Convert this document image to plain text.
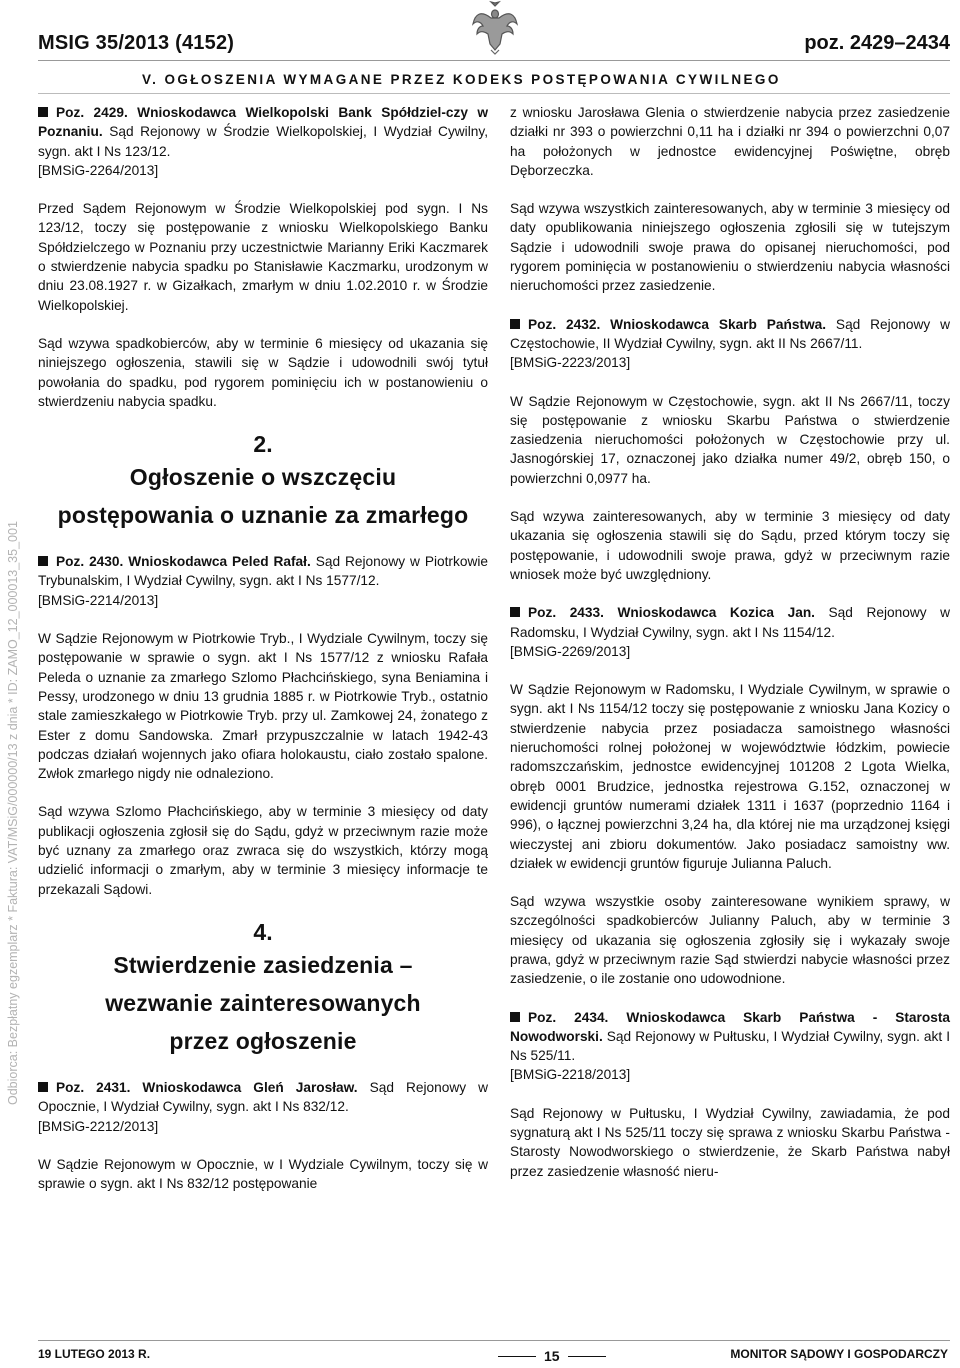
MSIG 35/2013 (4152)	poz. 2429–2434
V. OGŁOSZENIA WYMAGANE PRZEZ KODEKS POSTĘPOWANIA CYWILNEGO
Odbiorca: Bezpłatny egzemplarz * Faktura: VAT/MSiG/000000/13 z dnia * ID: ZAMO_12_000013_35_001

Poz. 2429. Wnioskodawca Wielkopolski Bank Spółdziel-czy w Poznaniu. Sąd Rejonowy w Środzie Wielkopolskiej, I Wydział Cywilny, sygn. akt I Ns 123/12.

[BMSiG-2264/2013]

Przed Sądem Rejonowym w Środzie Wielkopolskiej pod sygn. I Ns 123/12, toczy się postępowanie z wniosku Wielkopolskiego Banku Spółdzielczego w Poznaniu przy uczestnictwie Marianny Eriki Kaczmarek o stwierdzenie nabycia spadku po Stanisławie Kaczmarku, urodzonym w dniu 23.08.1927 r. w Gizałkach, zmarłym w dniu 1.02.2010 r. w Środzie Wielkopolskiej.

Sąd wzywa spadkobierców, aby w terminie 6 miesięcy od ukazania się niniejszego ogłoszenia, stawili się w Sądzie i udowodnili swój tytuł powołania do spadku, pod rygorem pominięciu ich w postanowieniu o stwierdzeniu nabycia spadku.

2.
Ogłoszenie o wszczęciu
postępowania o uznanie za zmarłego

Poz. 2430. Wnioskodawca Peled Rafał. Sąd Rejonowy w Piotrkowie Trybunalskim, I Wydział Cywilny, sygn. akt I Ns 1577/12.

[BMSiG-2214/2013]

W Sądzie Rejonowym w Piotrkowie Tryb., I Wydziale Cywilnym, toczy się postępowanie w sprawie o sygn. akt I Ns 1577/12 z wniosku Rafała Peleda o uznanie za zmarłego Szlomo Płachcińskiego, syna Beniamina i Pessy, urodzonego w dniu 13 grudnia 1885 r. w Piotrkowie Tryb., ostatnio stale zamieszkałego w Piotrkowie Tryb. przy ul. Zamkowej 24, żonatego z Ester z domu Sandowska. Zmarł przypuszczalnie w latach 1942-43 podczas działań wojennych jako ofiara holokaustu, ciało zostało spalone. Zwłok zmarłego nigdy nie odnaleziono.

Sąd wzywa Szlomo Płachcińskiego, aby w terminie 3 miesięcy od daty publikacji ogłoszenia zgłosił się do Sądu, gdyż w przeciwnym razie może być uznany za zmarłego oraz zwraca się do wszystkich, którzy mogą udzielić informacji o zmarłym, aby w terminie 3 miesięcy informacje te przekazali Sądowi.

4.
Stwierdzenie zasiedzenia –
wezwanie zainteresowanych
przez ogłoszenie

Poz. 2431. Wnioskodawca Gleń Jarosław. Sąd Rejonowy w Opocznie, I Wydział Cywilny, sygn. akt I Ns 832/12.

[BMSiG-2212/2013]

W Sądzie Rejonowym w Opocznie, w I Wydziale Cywilnym, toczy się w sprawie o sygn. akt I Ns 832/12 postępowanie

z wniosku Jarosława Glenia o stwierdzenie nabycia przez zasiedzenie działki nr 393 o powierzchni 0,11 ha i działki nr 394 o powierzchni 0,07 ha położonych w jednostce ewidencyjnej Poświętne, obręb Dęborzeczka.

Sąd wzywa wszystkich zainteresowanych, aby w terminie 3 miesięcy od daty opublikowania niniejszego ogłoszenia zgłosili się w tutejszym Sądzie i udowodnili swoje prawa do opisanej nieruchomości, pod rygorem pominięcia w postanowieniu o stwierdzeniu nabycia własności nieruchomości przez zasiedzenie.

Poz. 2432. Wnioskodawca Skarb Państwa. Sąd Rejonowy w Częstochowie, II Wydział Cywilny, sygn. akt II Ns 2667/11.

[BMSiG-2223/2013]

W Sądzie Rejonowym w Częstochowie, sygn. akt II Ns 2667/11, toczy się postępowanie z wniosku Skarbu Państwa o stwierdzenie zasiedzenia nieruchomości położonych w Częstochowie przy ul. Jasnogórskiej 17, oznaczonej jako działka numer 49/2, obręb 150, o powierzchni 0,0977 ha.

Sąd wzywa zainteresowanych, aby w terminie 3 miesięcy od daty ukazania się ogłoszenia stawili się do Sądu, przed którym toczy się postępowanie, i udowodnili swoje prawa, gdyż w przeciwnym razie wniosek może być uwzględniony.

Poz. 2433. Wnioskodawca Kozica Jan. Sąd Rejonowy w Radomsku, I Wydział Cywilny, sygn. akt I Ns 1154/12.

[BMSiG-2269/2013]

W Sądzie Rejonowym w Radomsku, I Wydziale Cywilnym, w sprawie o sygn. akt I Ns 1154/12 toczy się postępowanie z wniosku Jana Kozicy o stwierdzenie nabycia przez posiadacza samoistnego własności nieruchomości rolnej położonej w województwie łódzkim, powiecie radomszczańskim, jednostce ewidencyjnej 101208 2 Lgota Wielka, obręb 0001 Brudzice, jednostka rejestrowa G.152, oznaczonej w ewidencji gruntów numerami działek 1311 i 1637 (poprzednio 1164 i 996), o łącznej powierzchni 3,24 ha, dla której nie ma urządzonej księgi wieczystej ani zbioru dokumentów. Jako posiadacz samoistny ww. działek w ewidencji gruntów figuruje Julianna Paluch.

Sąd wzywa wszystkie osoby zainteresowane wynikiem sprawy, w szczególności spadkobierców Julianny Paluch, aby w terminie 3 miesięcy od ukazania się ogłoszenia zgłosiły się i wykazały swoje prawa, gdyż w przeciwnym razie Sąd stwierdzi nabycie własności przez zasiedzenie, o ile zostanie ono udowodnione.

Poz. 2434. Wnioskodawca Skarb Państwa - Starosta Nowodworski. Sąd Rejonowy w Pułtusku, I Wydział Cywilny, sygn. akt I Ns 525/11.

[BMSiG-2218/2013]

Sąd Rejonowy w Pułtusku, I Wydział Cywilny, zawiadamia, że pod sygnaturą akt I Ns 525/11 toczy się sprawa z wniosku Skarbu Państwa - Starosty Nowodworskiego o stwierdzenie, że Skarb Państwa nabył przez zasiedzenie własność nieru-

19 LUTEGO 2013 R.	15	MONITOR SĄDOWY I GOSPODARCZY
